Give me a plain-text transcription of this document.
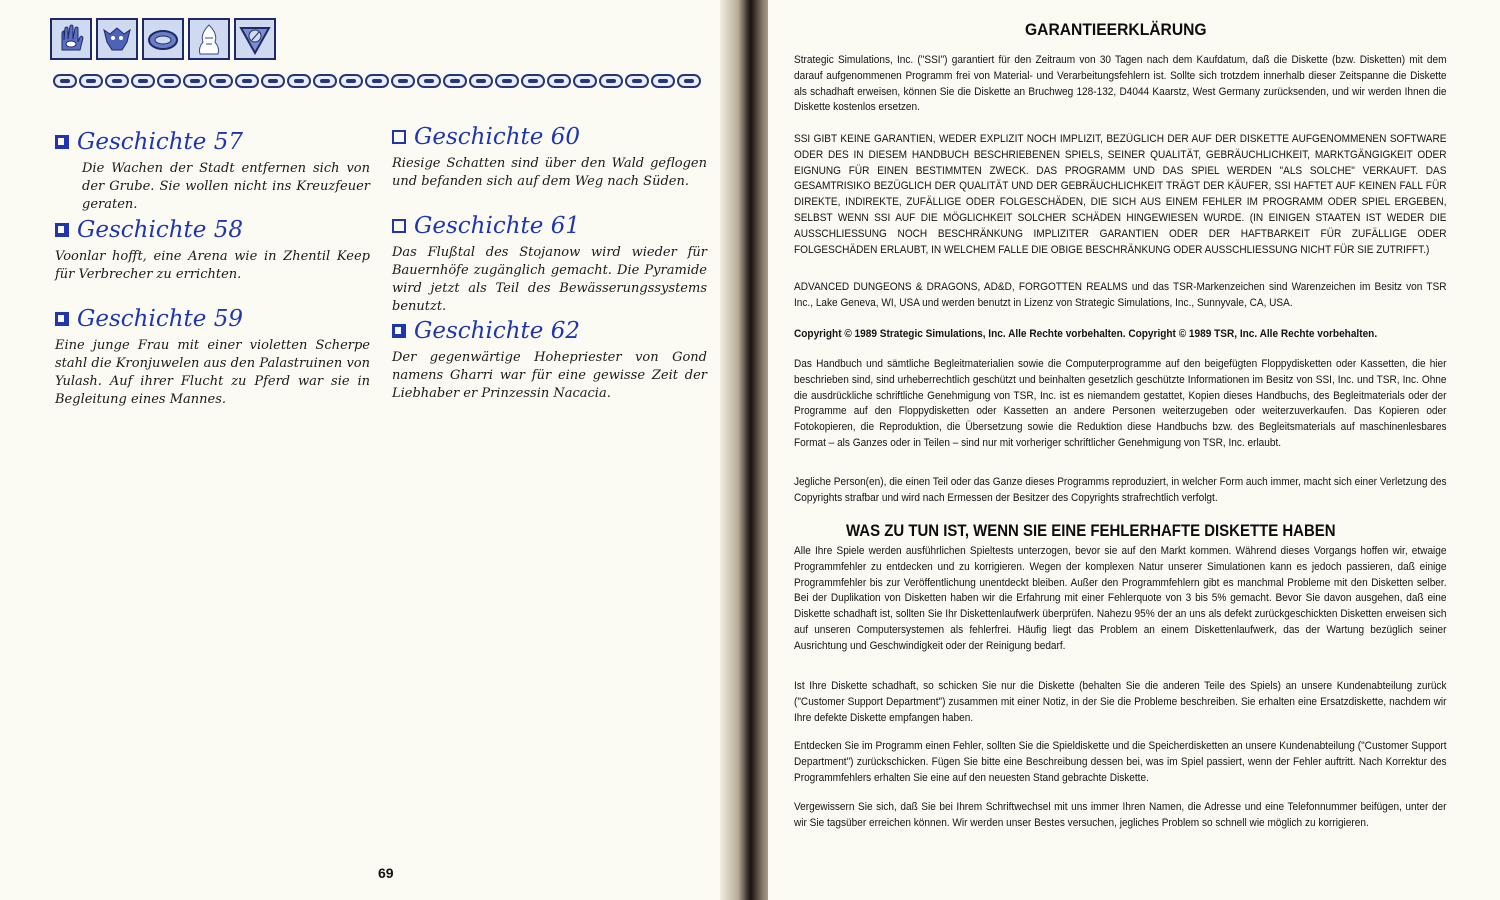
Geschichte 57

Die Wachen der Stadt entfernen sich von der Grube. Sie wollen nicht ins Kreuzfeuer geraten.

Geschichte 58

Voonlar hofft, eine Arena wie in Zhentil Keep für Verbrecher zu errichten.

Geschichte 59

Eine junge Frau mit einer violetten Scherpe stahl die Kronjuwelen aus den Palastruinen von Yulash. Auf ihrer Flucht zu Pferd war sie in Begleitung eines Mannes.

Geschichte 60

Riesige Schatten sind über den Wald geflogen und befanden sich auf dem Weg nach Süden.

Geschichte 61

Das Flußtal des Stojanow wird wieder für Bauernhöfe zugänglich gemacht. Die Pyramide wird jetzt als Teil des Bewässerungssystems benutzt.

Geschichte 62

Der gegenwärtige Hohepriester von Gond namens Gharri war für eine gewisse Zeit der Liebhaber er Prinzessin Nacacia.

69
GARANTIEERKLÄRUNG

Strategic Simulations, Inc. ("SSI") garantiert für den Zeitraum von 30 Tagen nach dem Kaufdatum, daß die Diskette (bzw. Disketten) mit dem darauf aufgenommenen Programm frei von Material- und Verarbeitungsfehlern ist. Sollte sich trotzdem innerhalb dieser Zeitspanne die Diskette als schadhaft erweisen, können Sie die Diskette an Bruchweg 128-132, D4044 Kaarstz, West Germany zurücksenden, und wir werden Ihnen die Diskette kostenlos ersetzen.

SSI GIBT KEINE GARANTIEN, WEDER EXPLIZIT NOCH IMPLIZIT, BEZÜGLICH DER AUF DER DISKETTE AUFGENOMMENEN SOFTWARE ODER DES IN DIESEM HANDBUCH BESCHRIEBENEN SPIELS, SEINER QUALITÄT, GEBRÄUCHLICHKEIT, MARKTGÄNGIGKEIT ODER EIGNUNG FÜR EINEN BESTIMMTEN ZWECK. DAS PROGRAMM UND DAS SPIEL WERDEN "ALS SOLCHE" VERKAUFT. DAS GESAMTRISIKO BEZÜGLICH DER QUALITÄT UND DER GEBRÄUCHLICHKEIT TRÄGT DER KÄUFER, SSI HAFTET AUF KEINEN FALL FÜR DIREKTE, INDIREKTE, ZUFÄLLIGE ODER FOLGESCHÄDEN, DIE SICH AUS EINEM FEHLER IM PROGRAMM ODER SPIEL ERGEBEN, SELBST WENN SSI AUF DIE MÖGLICHKEIT SOLCHER SCHÄDEN HINGEWIESEN WURDE. (IN EINIGEN STAATEN IST WEDER DIE AUSSCHLIESSUNG NOCH BESCHRÄNKUNG IMPLIZITER GARANTIEN ODER DER HAFTBARKEIT FÜR ZUFÄLLIGE ODER FOLGESCHÄDEN ERLAUBT, IN WELCHEM FALLE DIE OBIGE BESCHRÄNKUNG ODER AUSSCHLIESSUNG NICHT FÜR SIE ZUTRIFFT.)

ADVANCED DUNGEONS & DRAGONS, AD&D, FORGOTTEN REALMS und das TSR-Markenzeichen sind Warenzeichen im Besitz von TSR Inc., Lake Geneva, WI, USA und werden benutzt in Lizenz von Strategic Simulations, Inc., Sunnyvale, CA, USA.

Copyright © 1989 Strategic Simulations, Inc. Alle Rechte vorbehalten. Copyright © 1989 TSR, Inc. Alle Rechte vorbehalten.

Das Handbuch und sämtliche Begleitmaterialien sowie die Computerprogramme auf den beigefügten Floppydisketten oder Kassetten, die hier beschrieben sind, sind urheberrechtlich geschützt und beinhalten gesetzlich geschützte Informationen im Besitz von SSI, Inc. und TSR, Inc. Ohne die ausdrückliche schriftliche Genehmigung von TSR, Inc. ist es niemandem gestattet, Kopien dieses Handbuchs, des Begleitmaterials oder der Programme auf den Floppydisketten oder Kassetten an andere Personen weiterzugeben oder weiterzuverkaufen. Das Kopieren oder Fotokopieren, die Reproduktion, die Übersetzung sowie die Reduktion diese Handbuchs bzw. des Begleitsmaterials auf maschinenlesbares Format – als Ganzes oder in Teilen – sind nur mit vorheriger schriftlicher Genehmigung von TSR, Inc. erlaubt.

Jegliche Person(en), die einen Teil oder das Ganze dieses Programms reproduziert, in welcher Form auch immer, macht sich einer Verletzung des Copyrights strafbar und wird nach Ermessen der Besitzer des Copyrights strafrechtlich verfolgt.

WAS ZU TUN IST, WENN SIE EINE FEHLERHAFTE DISKETTE HABEN

Alle Ihre Spiele werden ausführlichen Spieltests unterzogen, bevor sie auf den Markt kommen. Während dieses Vorgangs hoffen wir, etwaige Programmfehler zu entdecken und zu korrigieren. Wegen der komplexen Natur unserer Simulationen kann es jedoch passieren, daß einige Programmfehler bis zur Veröffentlichung unentdeckt bleiben. Außer den Programmfehlern gibt es manchmal Probleme mit den Disketten selber. Bei der Duplikation von Disketten haben wir die Erfahrung mit einer Fehlerquote von 3 bis 5% gemacht. Bevor Sie davon ausgehen, daß eine Diskette schadhaft ist, sollten Sie Ihr Diskettenlaufwerk überprüfen. Nahezu 95% der an uns als defekt zurückgeschickten Disketten erweisen sich auf unseren Computersystemen als fehlerfrei. Häufig liegt das Problem an einem Diskettenlaufwerk, das der Wartung bezüglich seiner Ausrichtung und Geschwindigkeit oder der Reinigung bedarf.

Ist Ihre Diskette schadhaft, so schicken Sie nur die Diskette (behalten Sie die anderen Teile des Spiels) an unsere Kundenabteilung zurück ("Customer Support Department") zusammen mit einer Notiz, in der Sie die Probleme beschreiben. Sie erhalten eine Ersatzdiskette, nachdem wir Ihre defekte Diskette empfangen haben.

Entdecken Sie im Programm einen Fehler, sollten Sie die Spieldiskette und die Speicherdisketten an unsere Kundenabteilung ("Customer Support Department") zurückschicken. Fügen Sie bitte eine Beschreibung dessen bei, was im Spiel passiert, wenn der Fehler auftritt. Nach Korrektur des Programmfehlers erhalten Sie eine auf den neuesten Stand gebrachte Diskette.

Vergewissern Sie sich, daß Sie bei Ihrem Schriftwechsel mit uns immer Ihren Namen, die Adresse und eine Telefonnummer beifügen, unter der wir Sie tagsüber erreichen können. Wir werden unser Bestes versuchen, jegliches Problem so schnell wie möglich zu korrigieren.
